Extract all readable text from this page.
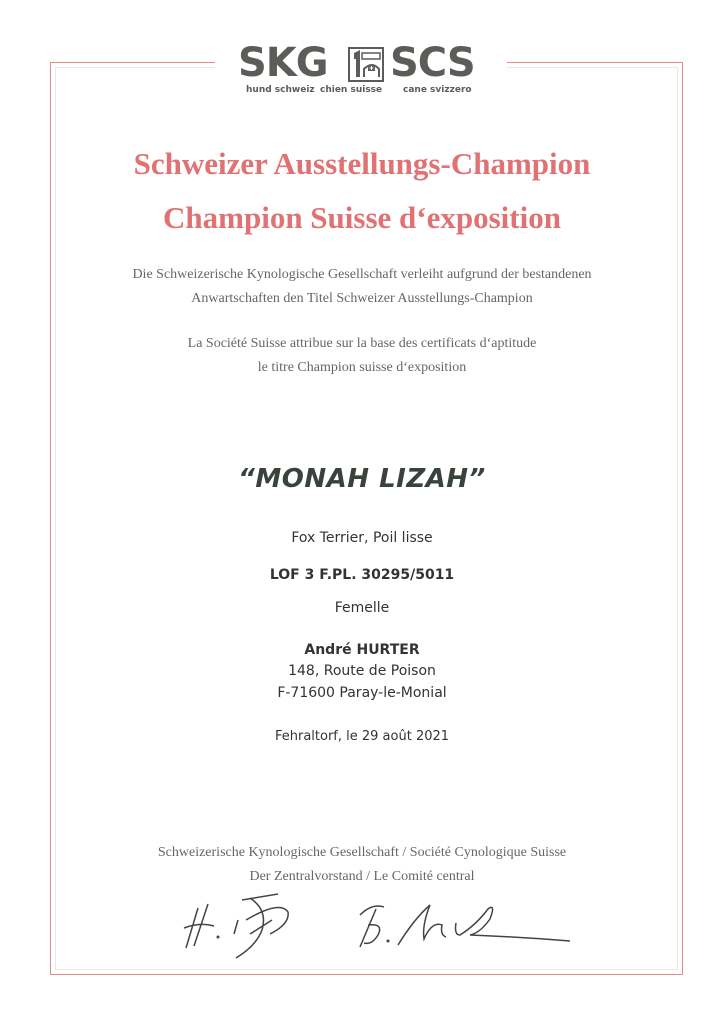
SKG SCS
hund schweiz chien suisse cane svizzero
Schweizer Ausstellungs-Champion
Champion Suisse d‘exposition
Die Schweizerische Kynologische Gesellschaft verleiht aufgrund der bestandenen
Anwartschaften den Titel Schweizer Ausstellungs-Champion
La Société Suisse attribue sur la base des certificats d‘aptitude
le titre Champion suisse d‘exposition
“MONAH LIZAH”
Fox Terrier, Poil lisse
LOF 3 F.PL. 30295/5011
Femelle
André HURTER
148, Route de Poison
F-71600 Paray-le-Monial
Fehraltorf, le 29 août 2021
Schweizerische Kynologische Gesellschaft / Société Cynologique Suisse
Der Zentralvorstand / Le Comité central
